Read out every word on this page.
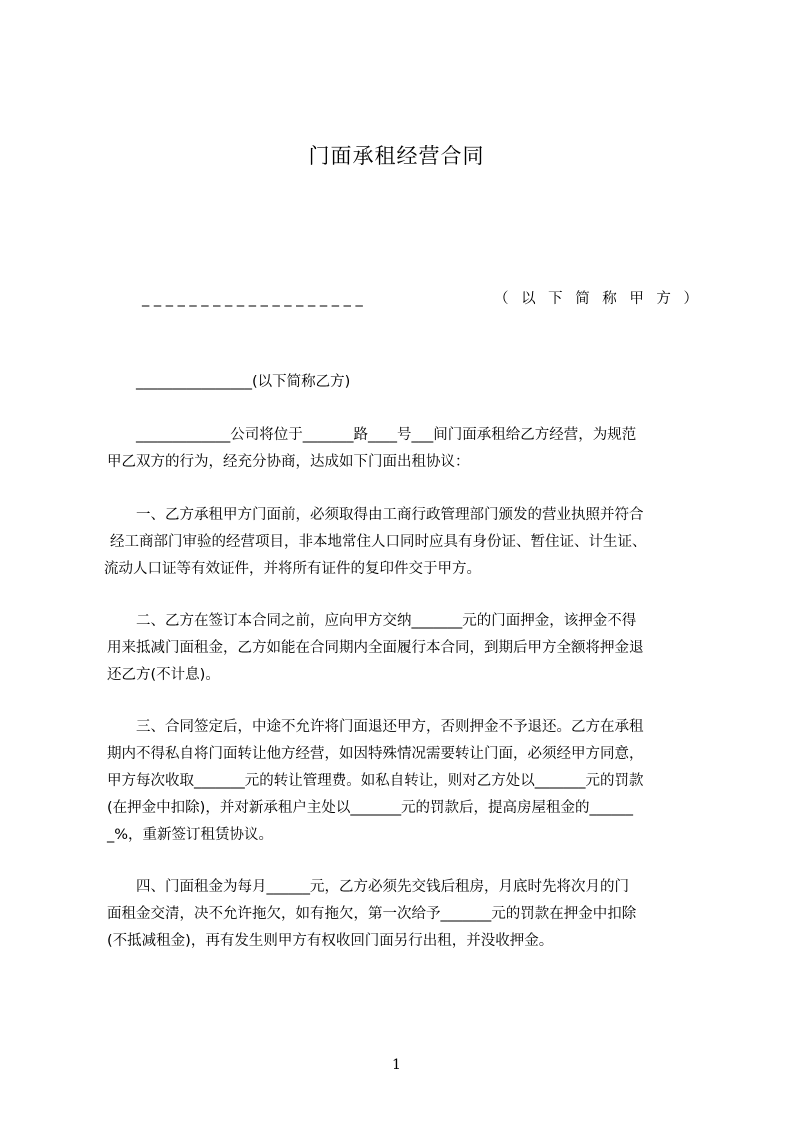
门面承租经营合同
_ _ _ _ _ _ _ _ _ _ _ _ _ _ _ _ _ _ _	（以下简称甲方）
________________(以下简称乙方)
_____________公司将位于_______路____号___间门面承租给乙方经营，为规范
甲乙双方的行为，经充分协商，达成如下门面出租协议：
一、乙方承租甲方门面前，必须取得由工商行政管理部门颁发的营业执照并符合
经工商部门审验的经营项目，非本地常住人口同时应具有身份证、暂住证、计生证、
流动人口证等有效证件，并将所有证件的复印件交于甲方。
二、乙方在签订本合同之前，应向甲方交纳_______元的门面押金，该押金不得
用来抵减门面租金，乙方如能在合同期内全面履行本合同，到期后甲方全额将押金退
还乙方(不计息)。
三、合同签定后，中途不允许将门面退还甲方，否则押金不予退还。乙方在承租
期内不得私自将门面转让他方经营，如因特殊情况需要转让门面，必须经甲方同意，
甲方每次收取_______元的转让管理费。如私自转让，则对乙方处以_______元的罚款
(在押金中扣除)，并对新承租户主处以_______元的罚款后，提高房屋租金的______
_%，重新签订租赁协议。
四、门面租金为每月______元，乙方必须先交钱后租房，月底时先将次月的门
面租金交清，决不允许拖欠，如有拖欠，第一次给予_______元的罚款在押金中扣除
(不抵减租金)，再有发生则甲方有权收回门面另行出租，并没收押金。
1
